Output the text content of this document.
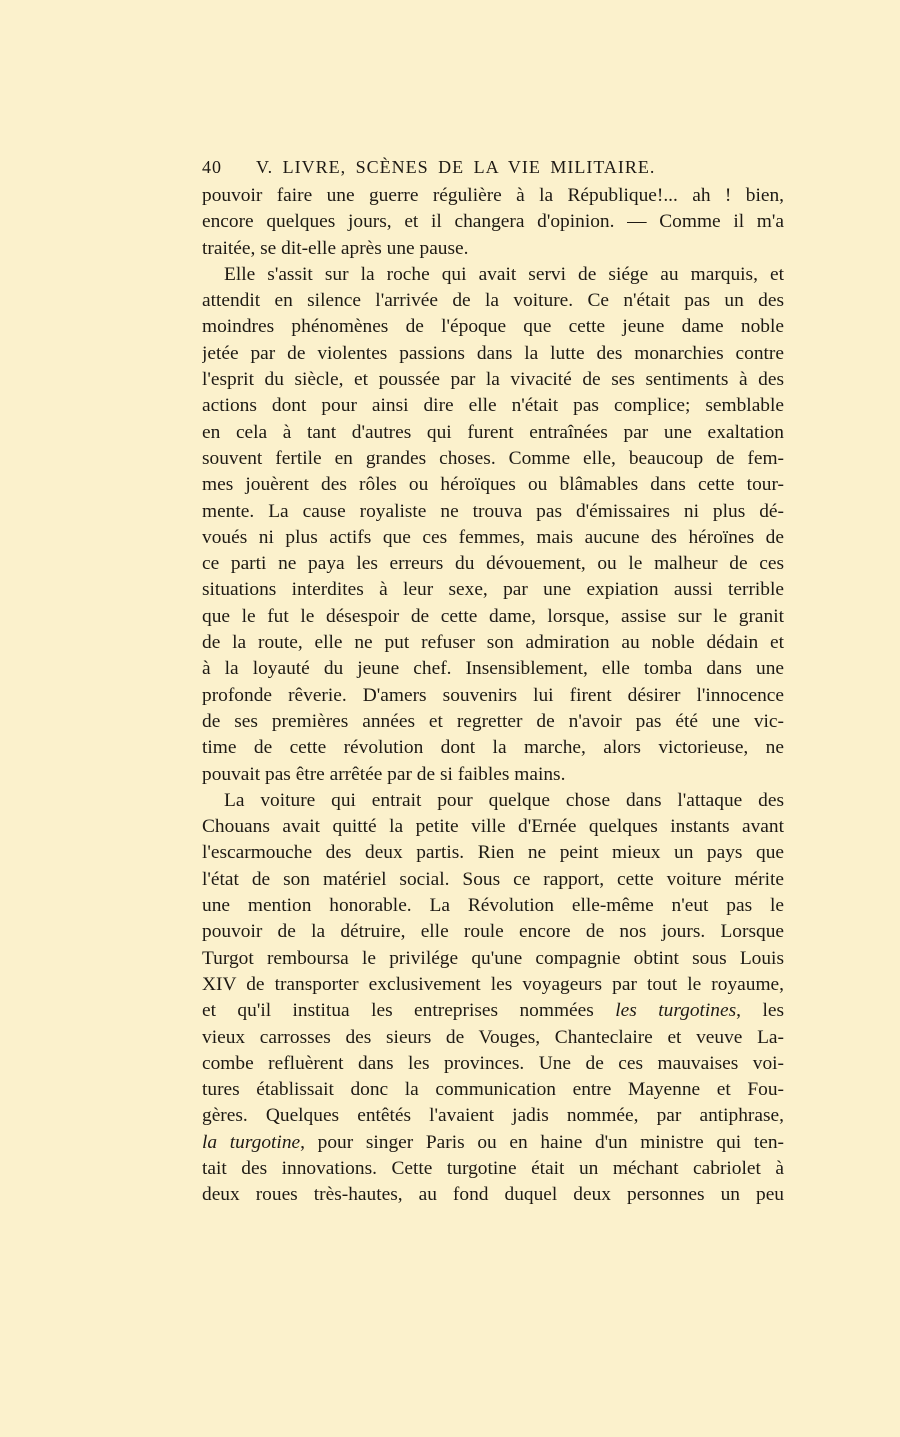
40 V. LIVRE, SCÈNES DE LA VIE MILITAIRE.
pouvoir faire une guerre régulière à la République!... ah ! bien,
encore quelques jours, et il changera d'opinion. — Comme il m'a
traitée, se dit-elle après une pause.
Elle s'assit sur la roche qui avait servi de siége au marquis, et
attendit en silence l'arrivée de la voiture. Ce n'était pas un des
moindres phénomènes de l'époque que cette jeune dame noble
jetée par de violentes passions dans la lutte des monarchies contre
l'esprit du siècle, et poussée par la vivacité de ses sentiments à des
actions dont pour ainsi dire elle n'était pas complice; semblable
en cela à tant d'autres qui furent entraînées par une exaltation
souvent fertile en grandes choses. Comme elle, beaucoup de fem-
mes jouèrent des rôles ou héroïques ou blâmables dans cette tour-
mente. La cause royaliste ne trouva pas d'émissaires ni plus dé-
voués ni plus actifs que ces femmes, mais aucune des héroïnes de
ce parti ne paya les erreurs du dévouement, ou le malheur de ces
situations interdites à leur sexe, par une expiation aussi terrible
que le fut le désespoir de cette dame, lorsque, assise sur le granit
de la route, elle ne put refuser son admiration au noble dédain et
à la loyauté du jeune chef. Insensiblement, elle tomba dans une
profonde rêverie. D'amers souvenirs lui firent désirer l'innocence
de ses premières années et regretter de n'avoir pas été une vic-
time de cette révolution dont la marche, alors victorieuse, ne
pouvait pas être arrêtée par de si faibles mains.
La voiture qui entrait pour quelque chose dans l'attaque des
Chouans avait quitté la petite ville d'Ernée quelques instants avant
l'escarmouche des deux partis. Rien ne peint mieux un pays que
l'état de son matériel social. Sous ce rapport, cette voiture mérite
une mention honorable. La Révolution elle-même n'eut pas le
pouvoir de la détruire, elle roule encore de nos jours. Lorsque
Turgot remboursa le privilége qu'une compagnie obtint sous Louis
XIV de transporter exclusivement les voyageurs par tout le royaume,
et qu'il institua les entreprises nommées les turgotines, les
vieux carrosses des sieurs de Vouges, Chanteclaire et veuve La-
combe refluèrent dans les provinces. Une de ces mauvaises voi-
tures établissait donc la communication entre Mayenne et Fou-
gères. Quelques entêtés l'avaient jadis nommée, par antiphrase,
la turgotine, pour singer Paris ou en haine d'un ministre qui ten-
tait des innovations. Cette turgotine était un méchant cabriolet à
deux roues très-hautes, au fond duquel deux personnes un peu
